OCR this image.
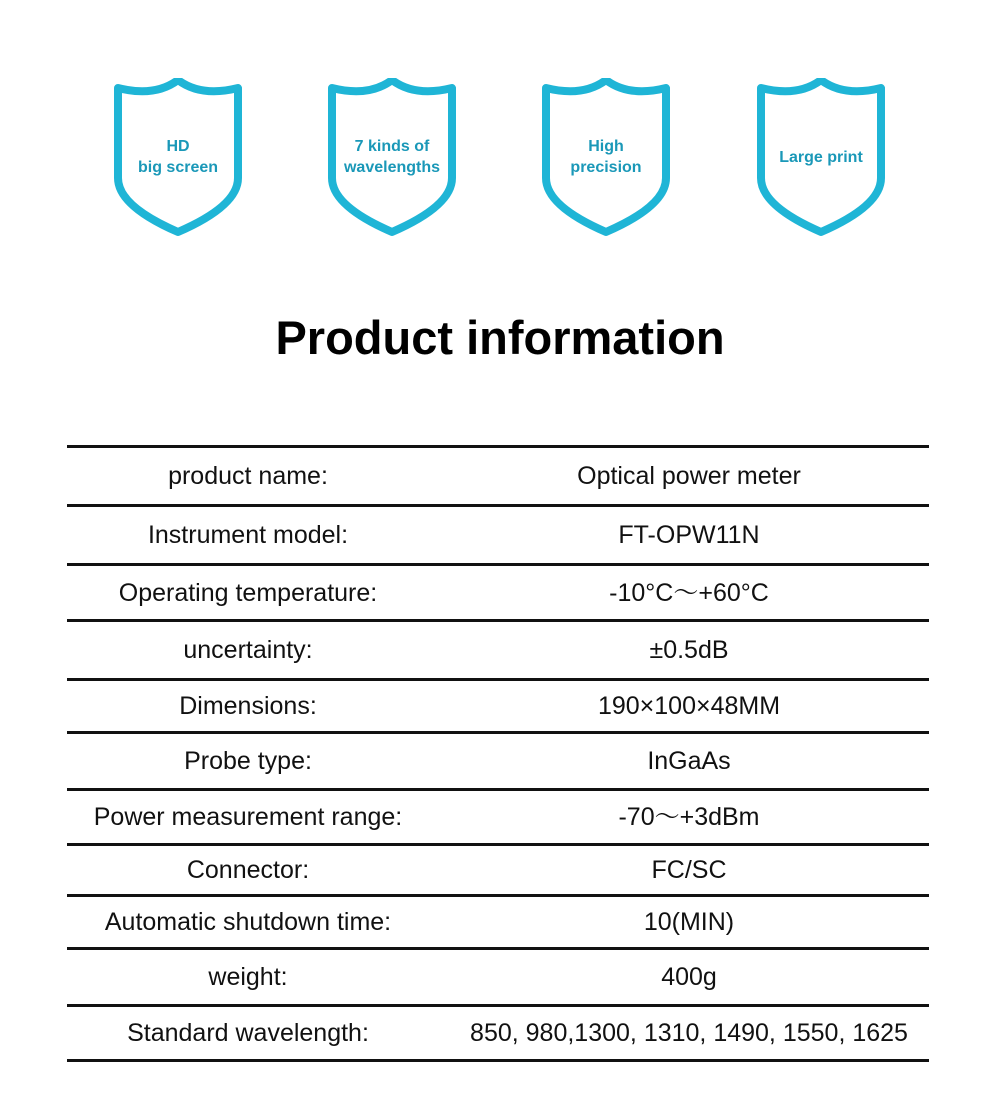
HD
big screen
7 kinds of
wavelengths
High
precision
Large print
Product information
product name:	Optical power meter
Instrument model:	FT-OPW11N
Operating temperature:	-10°C～+60°C
uncertainty:	±0.5dB
Dimensions:	190×100×48MM
Probe type:	InGaAs
Power measurement range:	-70～+3dBm
Connector:	FC/SC
Automatic shutdown time:	10(MIN)
weight:	400g
Standard wavelength:	850, 980,1300, 1310, 1490, 1550, 1625
